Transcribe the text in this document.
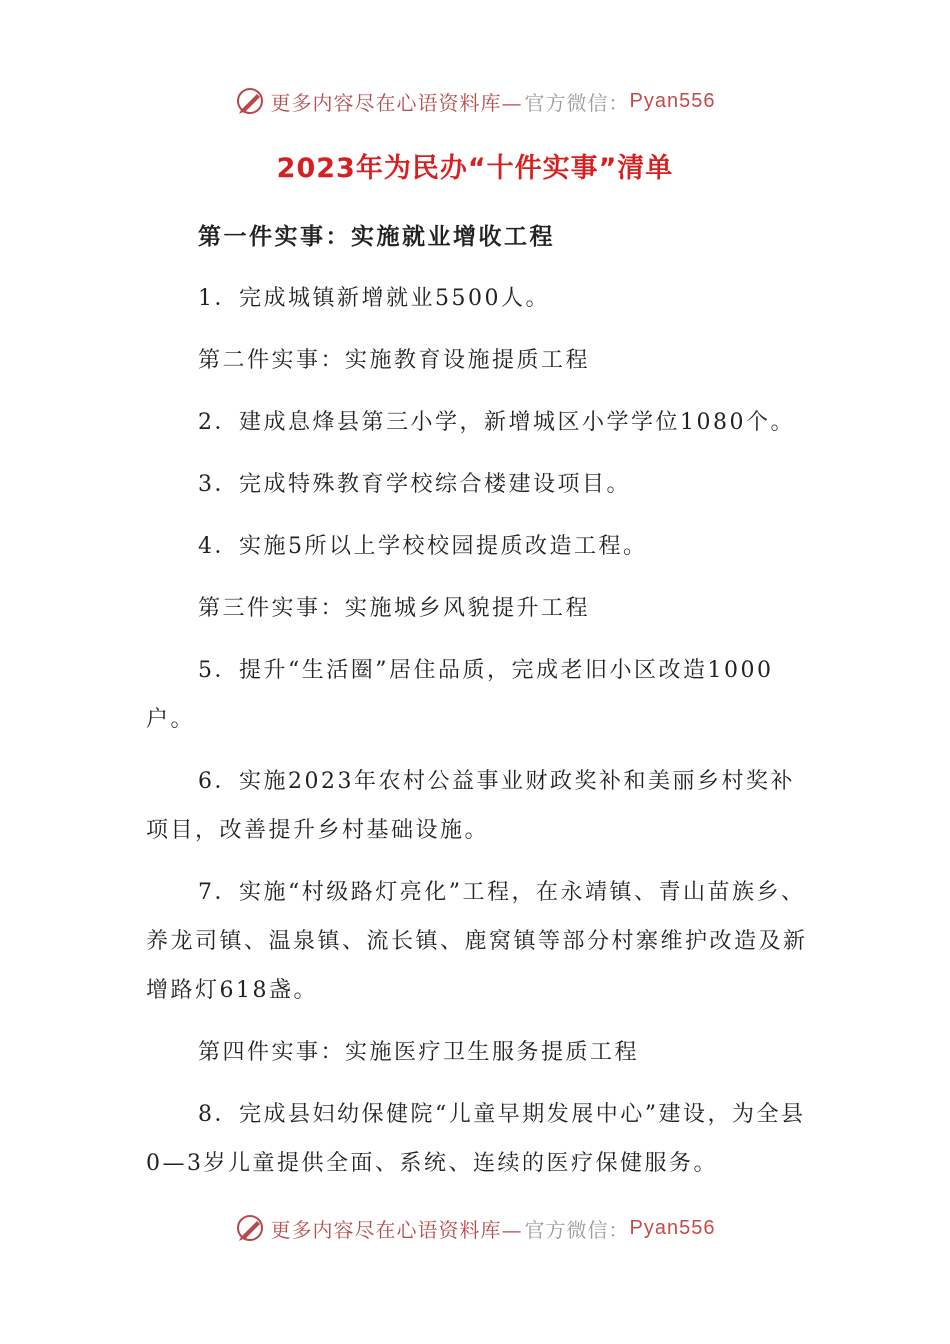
更多内容尽在心语资料库— 官方微信： Pyan556
2023年为民办“十件实事”清单

第一件实事：实施就业增收工程

1．完成城镇新增就业5500人。

第二件实事：实施教育设施提质工程

2．建成息烽县第三小学，新增城区小学学位1080个。

3．完成特殊教育学校综合楼建设项目。

4．实施5所以上学校校园提质改造工程。

第三件实事：实施城乡风貌提升工程

5．提升“生活圈”居住品质，完成老旧小区改造1000户。

6．实施2023年农村公益事业财政奖补和美丽乡村奖补项目，改善提升乡村基础设施。

7．实施“村级路灯亮化”工程，在永靖镇、青山苗族乡、养龙司镇、温泉镇、流长镇、鹿窝镇等部分村寨维护改造及新增路灯618盏。

第四件实事：实施医疗卫生服务提质工程

8．完成县妇幼保健院“儿童早期发展中心”建设，为全县0—3岁儿童提供全面、系统、连续的医疗保健服务。

更多内容尽在心语资料库— 官方微信： Pyan556
